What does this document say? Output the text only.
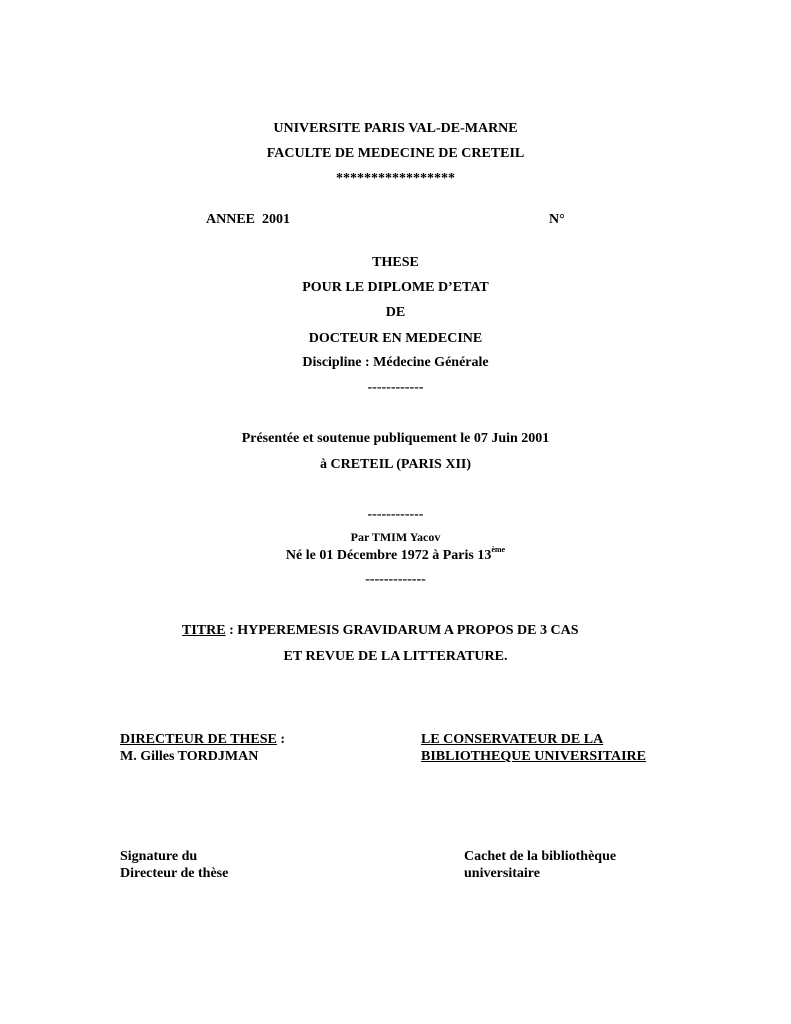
UNIVERSITE PARIS VAL-DE-MARNE
FACULTE DE MEDECINE DE CRETEIL
*****************
ANNEE  2001	N°
THESE
POUR LE DIPLOME D’ETAT
DE
DOCTEUR EN MEDECINE
Discipline : Médecine Générale
------------
Présentée et soutenue publiquement le 07 Juin 2001
à CRETEIL (PARIS XII)
------------
Par TMIM Yacov
Né le 01 Décembre 1972 à Paris 13ème
-------------
TITRE : HYPEREMESIS GRAVIDARUM A PROPOS DE 3 CAS
ET REVUE DE LA LITTERATURE.
DIRECTEUR DE THESE :
M. Gilles TORDJMAN
LE CONSERVATEUR DE LA
BIBLIOTHEQUE UNIVERSITAIRE
Signature du
Directeur de thèse
Cachet de la bibliothèque
universitaire
